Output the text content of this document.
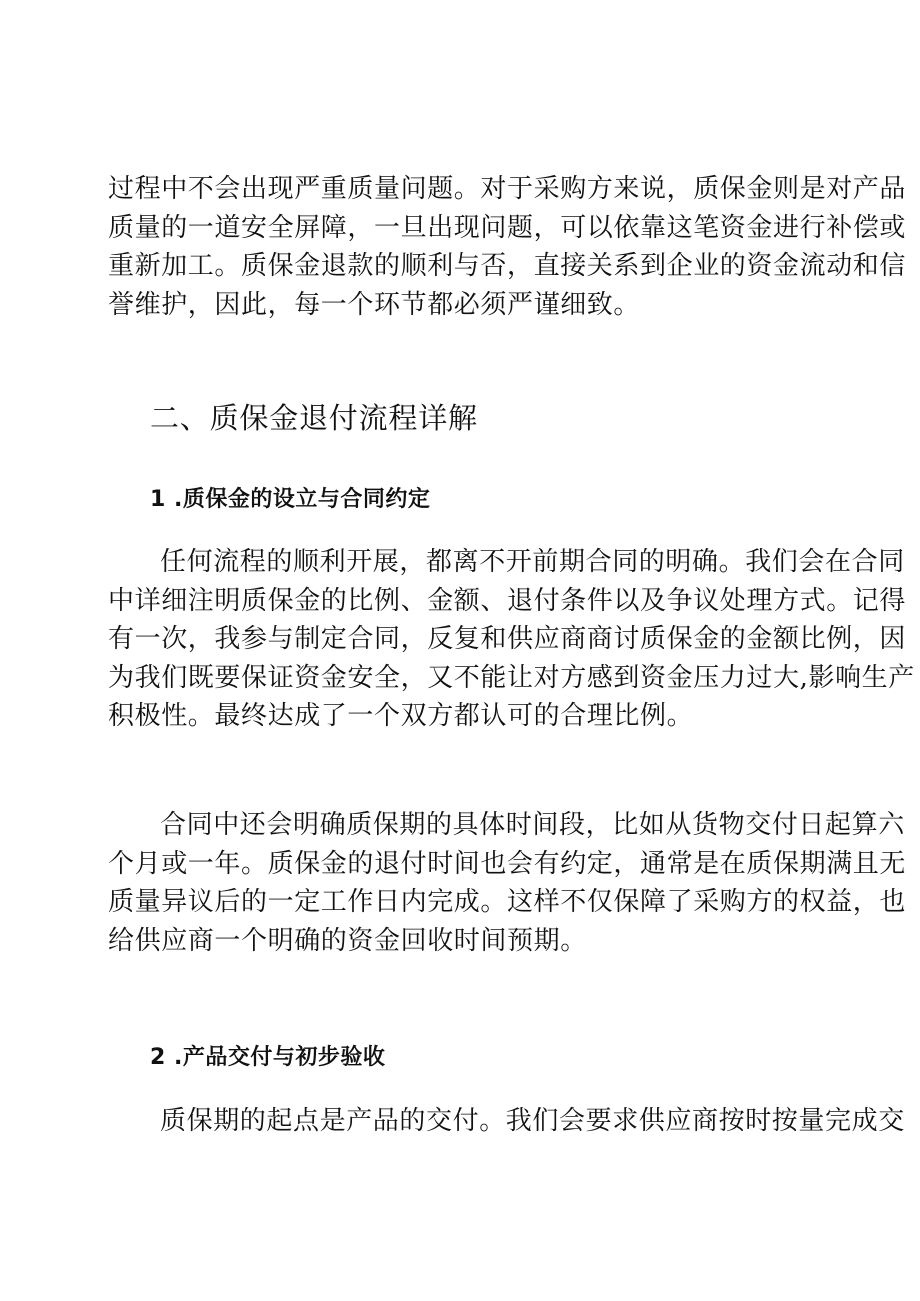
过程中不会出现严重质量问题。对于采购方来说，质保金则是对产品
质量的一道安全屏障，一旦出现问题，可以依靠这笔资金进行补偿或
重新加工。质保金退款的顺利与否，直接关系到企业的资金流动和信
誉维护，因此，每一个环节都必须严谨细致。

二、质保金退付流程详解
1 .质保金的设立与合同约定

任何流程的顺利开展，都离不开前期合同的明确。我们会在合同
中详细注明质保金的比例、金额、退付条件以及争议处理方式。记得
有一次，我参与制定合同，反复和供应商商讨质保金的金额比例，因
为我们既要保证资金安全，又不能让对方感到资金压力过大,影响生产
积极性。最终达成了一个双方都认可的合理比例。

合同中还会明确质保期的具体时间段，比如从货物交付日起算六
个月或一年。质保金的退付时间也会有约定，通常是在质保期满且无
质量异议后的一定工作日内完成。这样不仅保障了采购方的权益，也
给供应商一个明确的资金回收时间预期。

2 .产品交付与初步验收

质保期的起点是产品的交付。我们会要求供应商按时按量完成交
